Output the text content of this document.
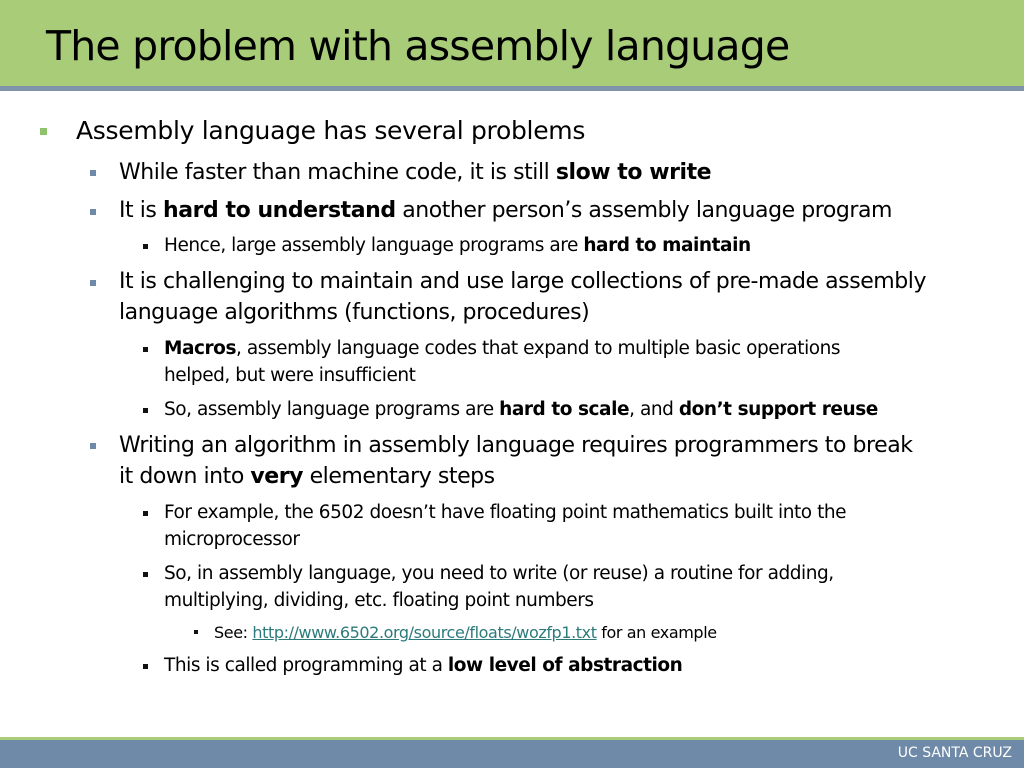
The problem with assembly language
Assembly language has several problems
While faster than machine code, it is still slow to write
It is hard to understand another person’s assembly language program
Hence, large assembly language programs are hard to maintain
It is challenging to maintain and use large collections of pre-made assembly
language algorithms (functions, procedures)
Macros, assembly language codes that expand to multiple basic operations
helped, but were insufficient
So, assembly language programs are hard to scale, and don’t support reuse
Writing an algorithm in assembly language requires programmers to break
it down into very elementary steps
For example, the 6502 doesn’t have floating point mathematics built into the
microprocessor
So, in assembly language, you need to write (or reuse) a routine for adding,
multiplying, dividing, etc. floating point numbers
See: http://www.6502.org/source/floats/wozfp1.txt for an example
This is called programming at a low level of abstraction
UC SANTA CRUZ
